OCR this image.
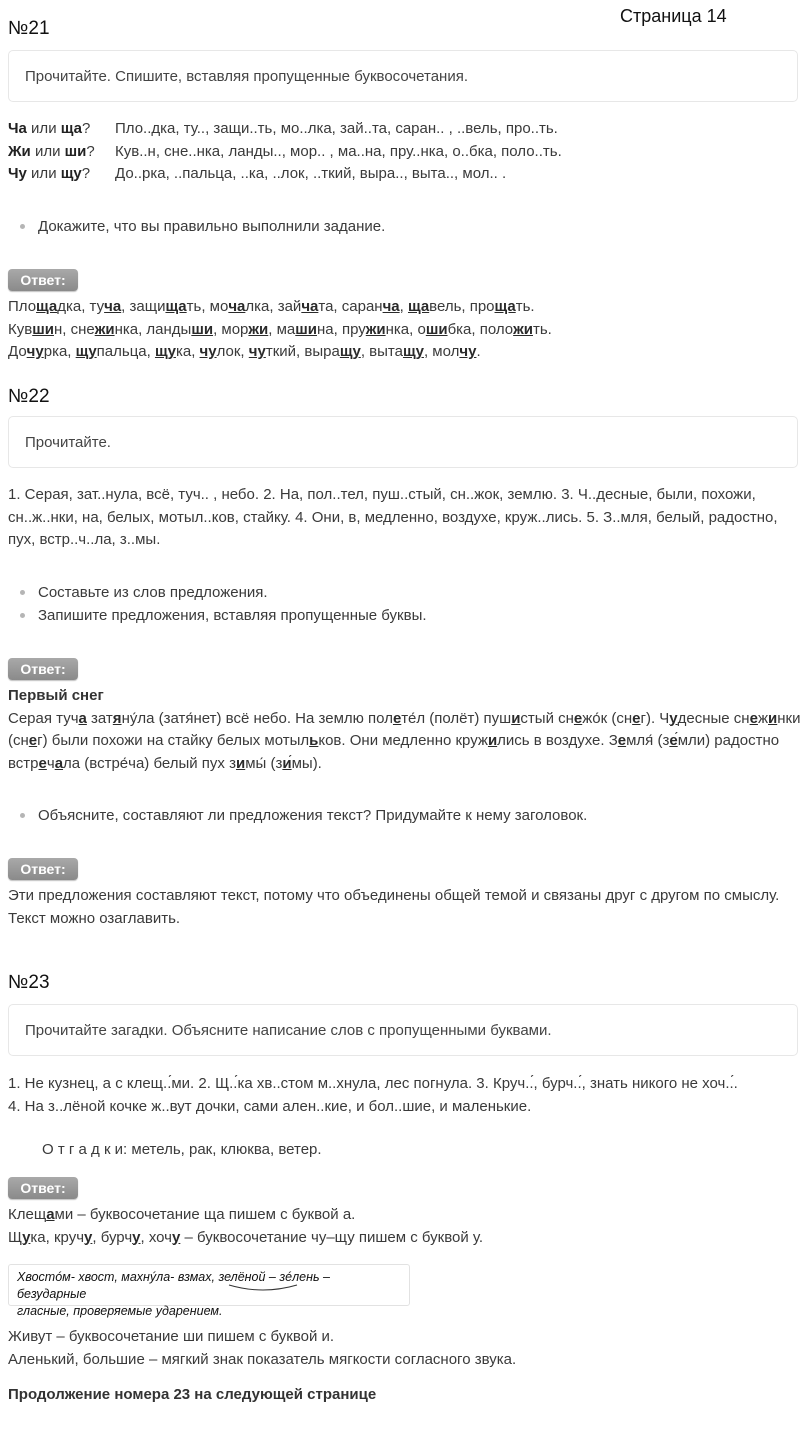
Страница 14
№21
Прочитайте. Спишите, вставляя пропущенные буквосочетания.
Ча или ща? Пло..дка, ту.., защи..ть, мо..лка, зай..та, саран.. , ..вель, про..ть.
Жи или ши? Кув..н, сне..нка, ланды.., мор.. , ма..на, пру..нка, о..бка, поло..ть.
Чу или щу? До..рка, ..пальца, ..ка, ..лок, ..ткий, выра.., выта.., мол.. .
Докажите, что вы правильно выполнили задание.
Ответ:
Площадка, туча, защищать, мочалка, зайчата, саранча, щавель, прощать.
Кувшин, снежинка, ландыши, моржи, машина, пружинка, ошибка, положить.
Дочурка, щупальца, щука, чулок, чуткий, выращу, вытащу, молчу.
№22
Прочитайте.
1. Серая, зат..нула, всё, туч.. , небо. 2. На, пол..тел, пуш..стый, сн..жок, землю. 3. Ч..десные, были, похожи, сн..ж..нки, на, белых, мотыл..ков, стайку. 4. Они, в, медленно, воздухе, круж..лись. 5. З..мля, белый, радостно, пух, встр..ч..ла, з..мы.
Составьте из слов предложения.
Запишите предложения, вставляя пропущенные буквы.
Ответ:
Первый снег
Серая туча затяну́ла (затя́нет) всё небо. На землю полете́л (полёт) пушистый снежо́к (снег). Чудесные снежинки (снег) были похожи на стайку белых мотыльков. Они медленно кружились в воздухе. Земля́ (зе́мли) радостно встречала (встре́ча) белый пух зимы́ (зи́мы).
Объясните, составляют ли предложения текст? Придумайте к нему заголовок.
Ответ:
Эти предложения составляют текст, потому что объединены общей темой и связаны друг с другом по смыслу.
Текст можно озаглавить.
№23
Прочитайте загадки. Объясните написание слов с пропущенными буквами.
1. Не кузнец, а с клещ..́ми. 2. Щ..́ка хв..стом м..хнула, лес погнула. 3. Круч..́, бурч..́, знать никого не хоч..́.
4. На з..лёной кочке ж..вут дочки, сами ален..кие, и бол..шие, и маленькие.
О т г а д к и: метель, рак, клюква, ветер.
Ответ:
Клещами – буквосочетание ща пишем с буквой а.
Щука, кручу, бурчу, хочу – буквосочетание чу–щу пишем с буквой у.
Хвостóм- хвост, махнýла- взмах, зелёной – зéлень – безударные
гласные, проверяемые ударением.
Живут – буквосочетание ши пишем с буквой и.
Аленький, большие – мягкий знак показатель мягкости согласного звука.
Продолжение номера 23 на следующей странице
